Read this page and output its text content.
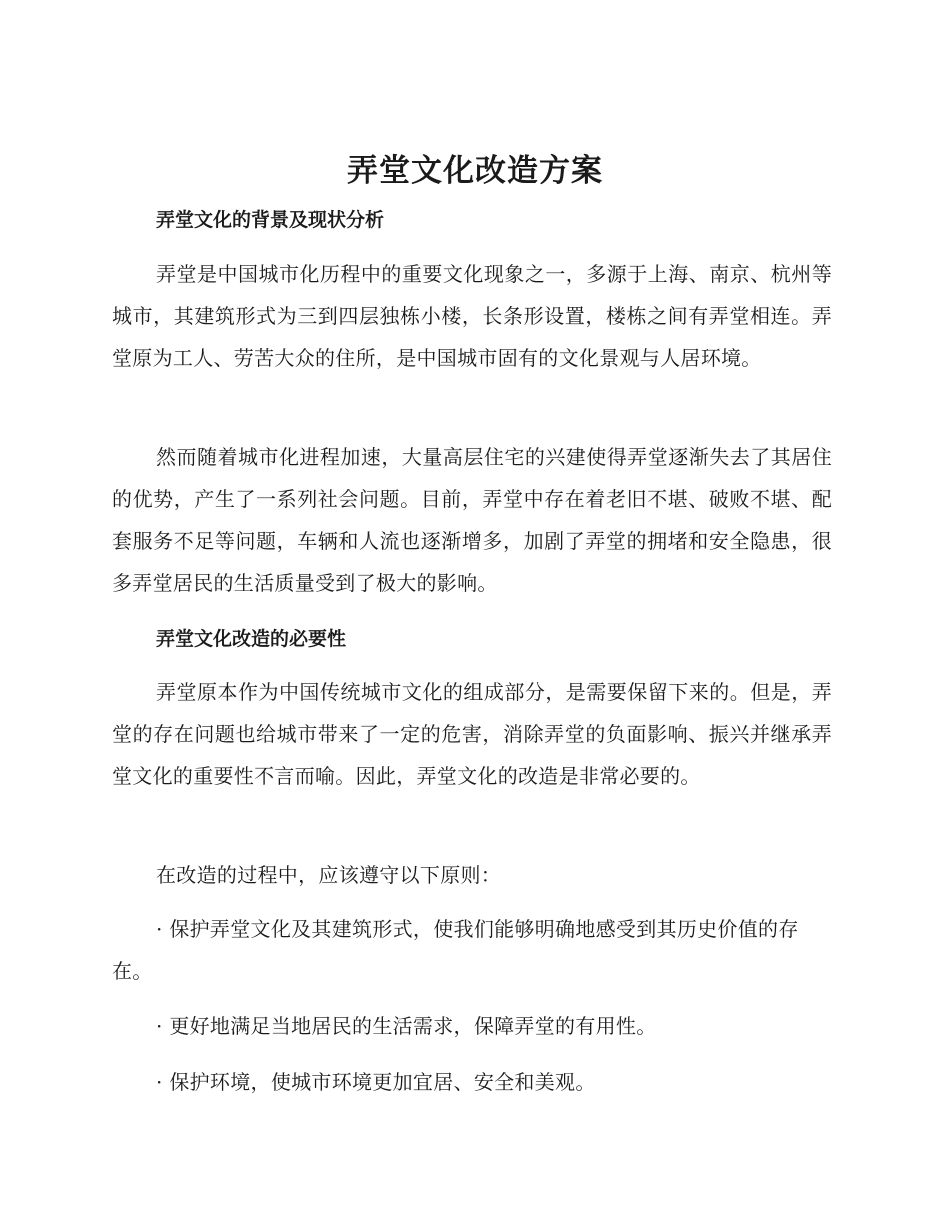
弄堂文化改造方案
弄堂文化的背景及现状分析

弄堂是中国城市化历程中的重要文化现象之一，多源于上海、南京、杭州等城市，其建筑形式为三到四层独栋小楼，长条形设置，楼栋之间有弄堂相连。弄堂原为工人、劳苦大众的住所，是中国城市固有的文化景观与人居环境。

然而随着城市化进程加速，大量高层住宅的兴建使得弄堂逐渐失去了其居住的优势，产生了一系列社会问题。目前，弄堂中存在着老旧不堪、破败不堪、配套服务不足等问题，车辆和人流也逐渐增多，加剧了弄堂的拥堵和安全隐患，很多弄堂居民的生活质量受到了极大的影响。

弄堂文化改造的必要性

弄堂原本作为中国传统城市文化的组成部分，是需要保留下来的。但是，弄堂的存在问题也给城市带来了一定的危害，消除弄堂的负面影响、振兴并继承弄堂文化的重要性不言而喻。因此，弄堂文化的改造是非常必要的。

在改造的过程中，应该遵守以下原则：

· 保护弄堂文化及其建筑形式，使我们能够明确地感受到其历史价值的存在。

· 更好地满足当地居民的生活需求，保障弄堂的有用性。

· 保护环境，使城市环境更加宜居、安全和美观。
